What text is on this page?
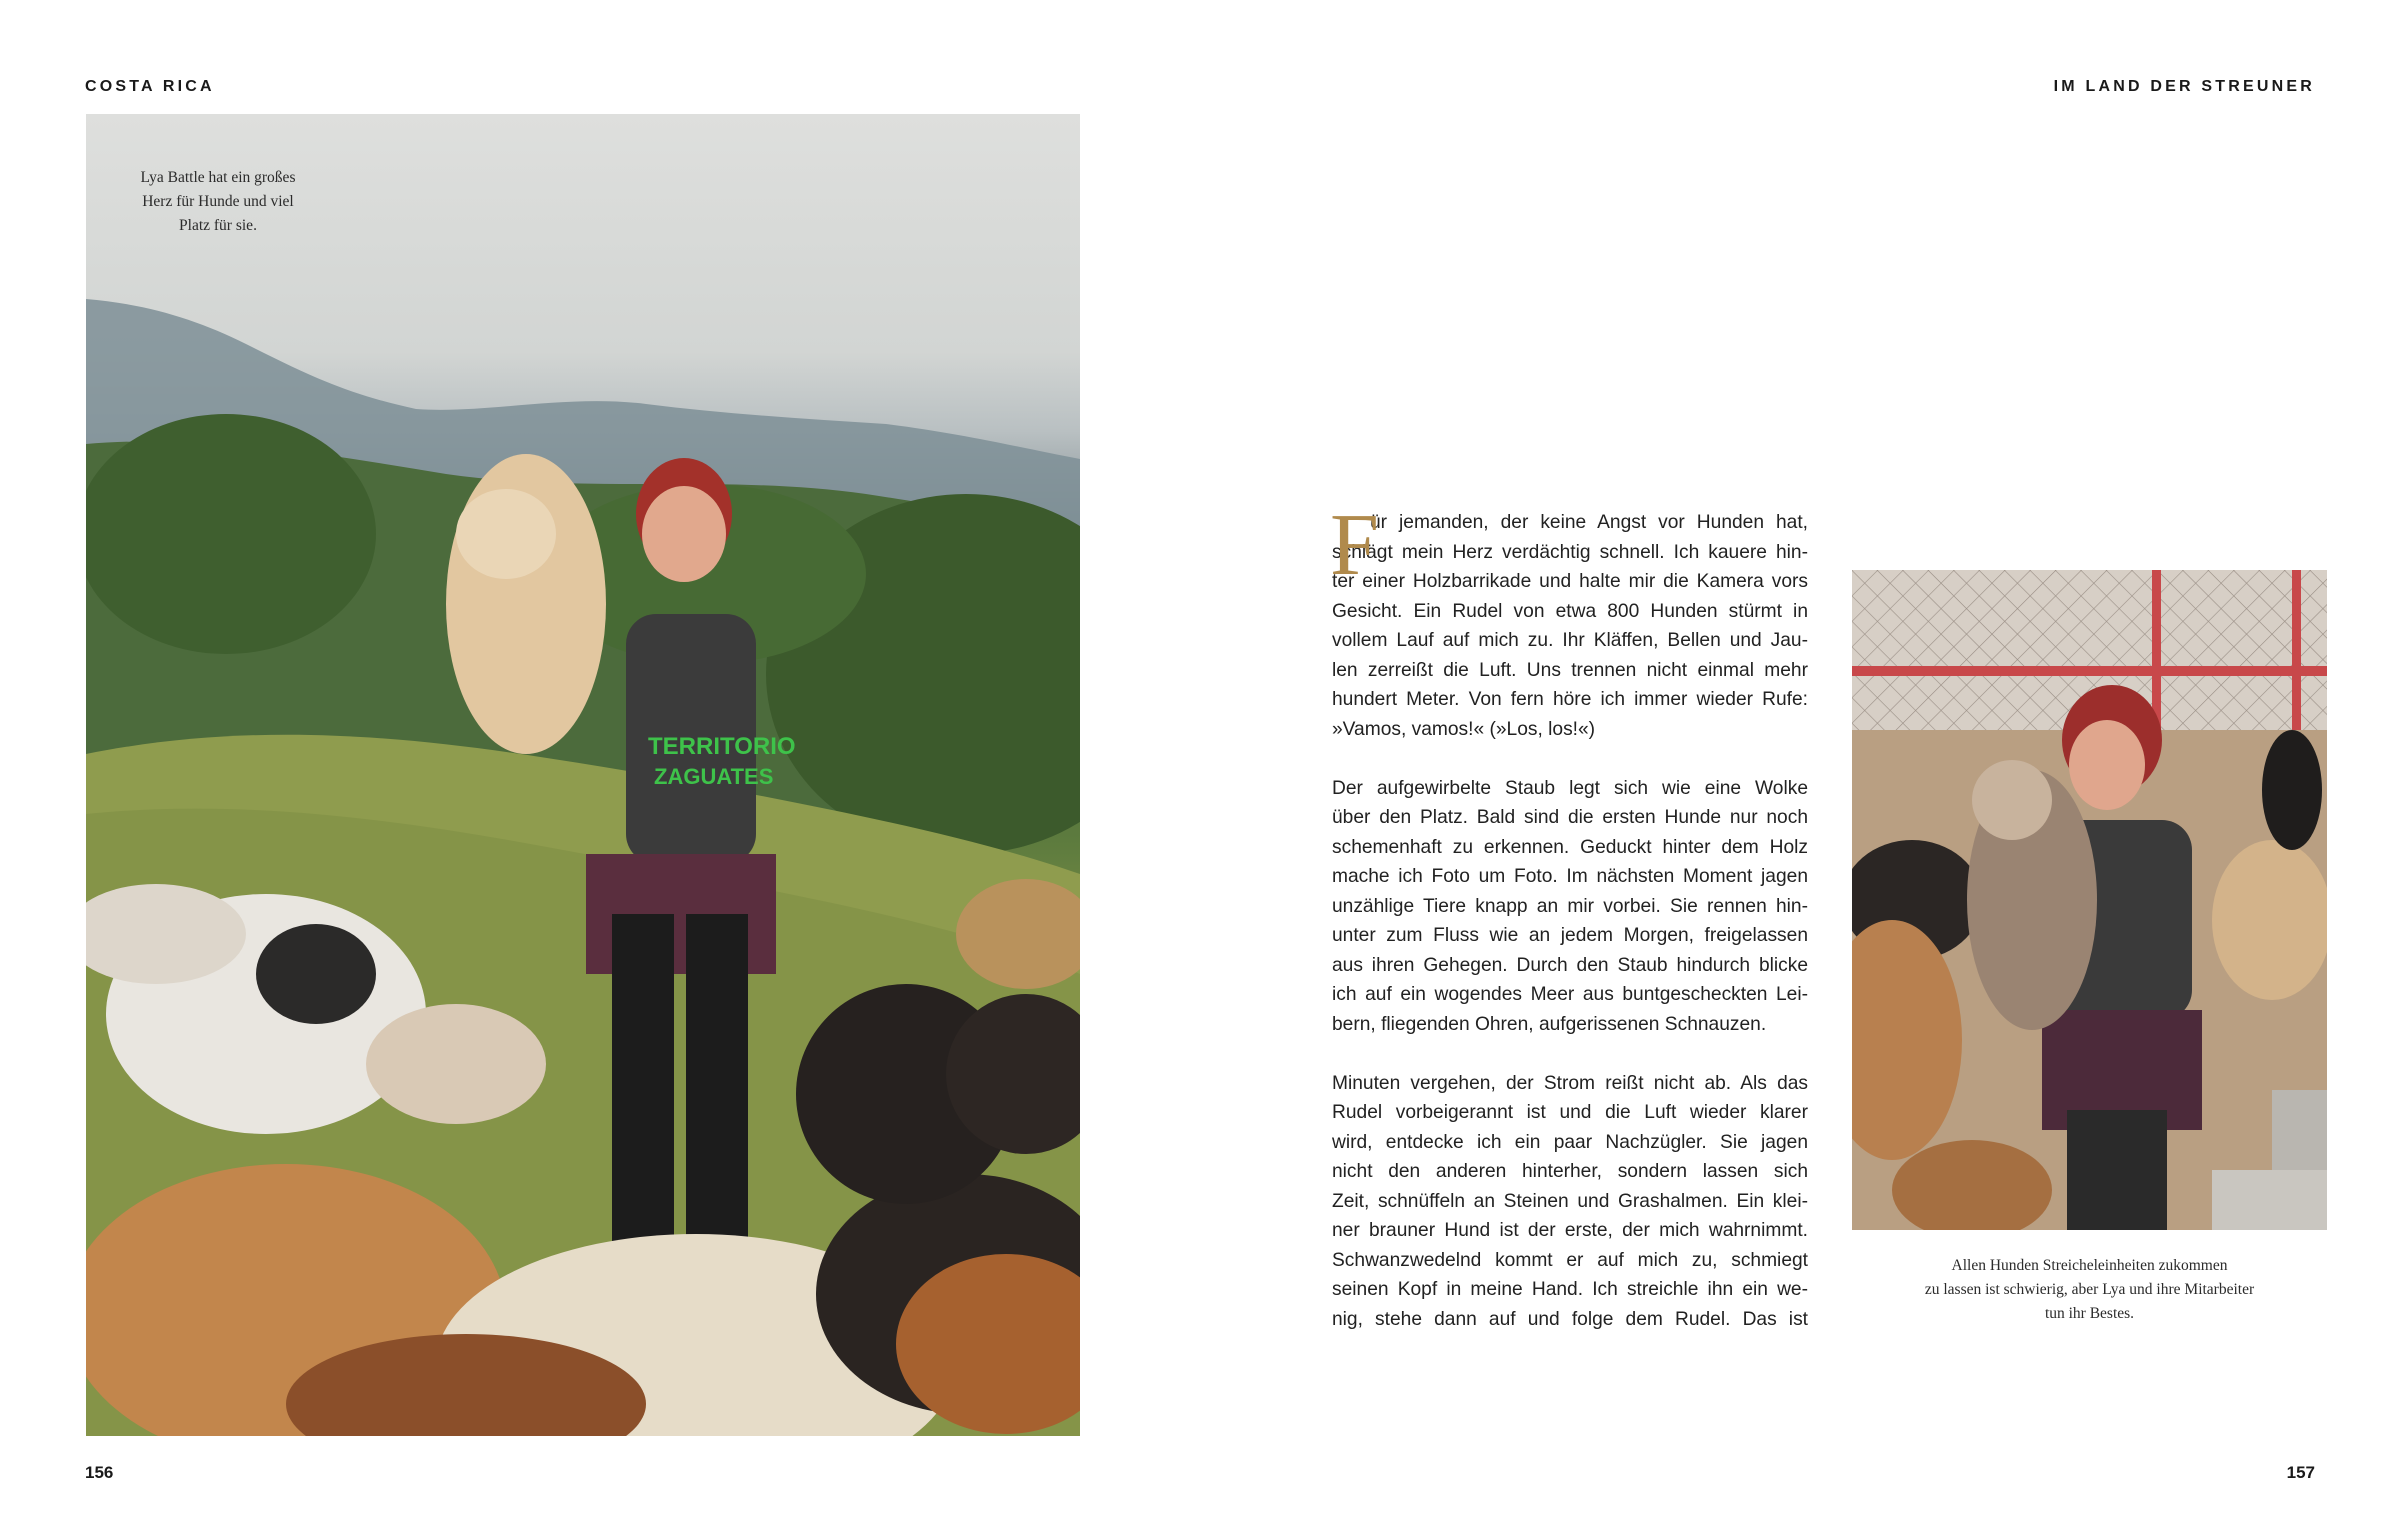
COSTA RICA	IM LAND DER STREUNER
TERRITORIO
ZAGUATES
Lya Battle hat ein großes
Herz für Hunde und viel
Platz für sie.

F
ür jemanden, der keine Angst vor Hunden hat,
schlägt mein Herz verdächtig schnell. Ich kauere hin-
ter einer Holzbarrikade und halte mir die Kamera vors
Gesicht. Ein Rudel von etwa 800 Hunden stürmt in
vollem Lauf auf mich zu. Ihr Kläffen, Bellen und Jau-
len zerreißt die Luft. Uns trennen nicht einmal mehr
hundert Meter. Von fern höre ich immer wieder Rufe:
»Vamos, vamos!« (»Los, los!«)

Der aufgewirbelte Staub legt sich wie eine Wolke
über den Platz. Bald sind die ersten Hunde nur noch
schemenhaft zu erkennen. Geduckt hinter dem Holz
mache ich Foto um Foto. Im nächsten Moment jagen
unzählige Tiere knapp an mir vorbei. Sie rennen hin-
unter zum Fluss wie an jedem Morgen, freigelassen
aus ihren Gehegen. Durch den Staub hindurch blicke
ich auf ein wogendes Meer aus buntgescheckten Lei-
bern, fliegenden Ohren, aufgerissenen Schnauzen.

Minuten vergehen, der Strom reißt nicht ab. Als das
Rudel vorbeigerannt ist und die Luft wieder klarer
wird, entdecke ich ein paar Nachzügler. Sie jagen
nicht den anderen hinterher, sondern lassen sich
Zeit, schnüffeln an Steinen und Grashalmen. Ein klei-
ner brauner Hund ist der erste, der mich wahrnimmt.
Schwanzwedelnd kommt er auf mich zu, schmiegt
seinen Kopf in meine Hand. Ich streichle ihn ein we-
nig, stehe dann auf und folge dem Rudel. Das ist

Allen Hunden Streicheleinheiten zukommen
zu lassen ist schwierig, aber Lya und ihre Mitarbeiter
tun ihr Bestes.
156	157
